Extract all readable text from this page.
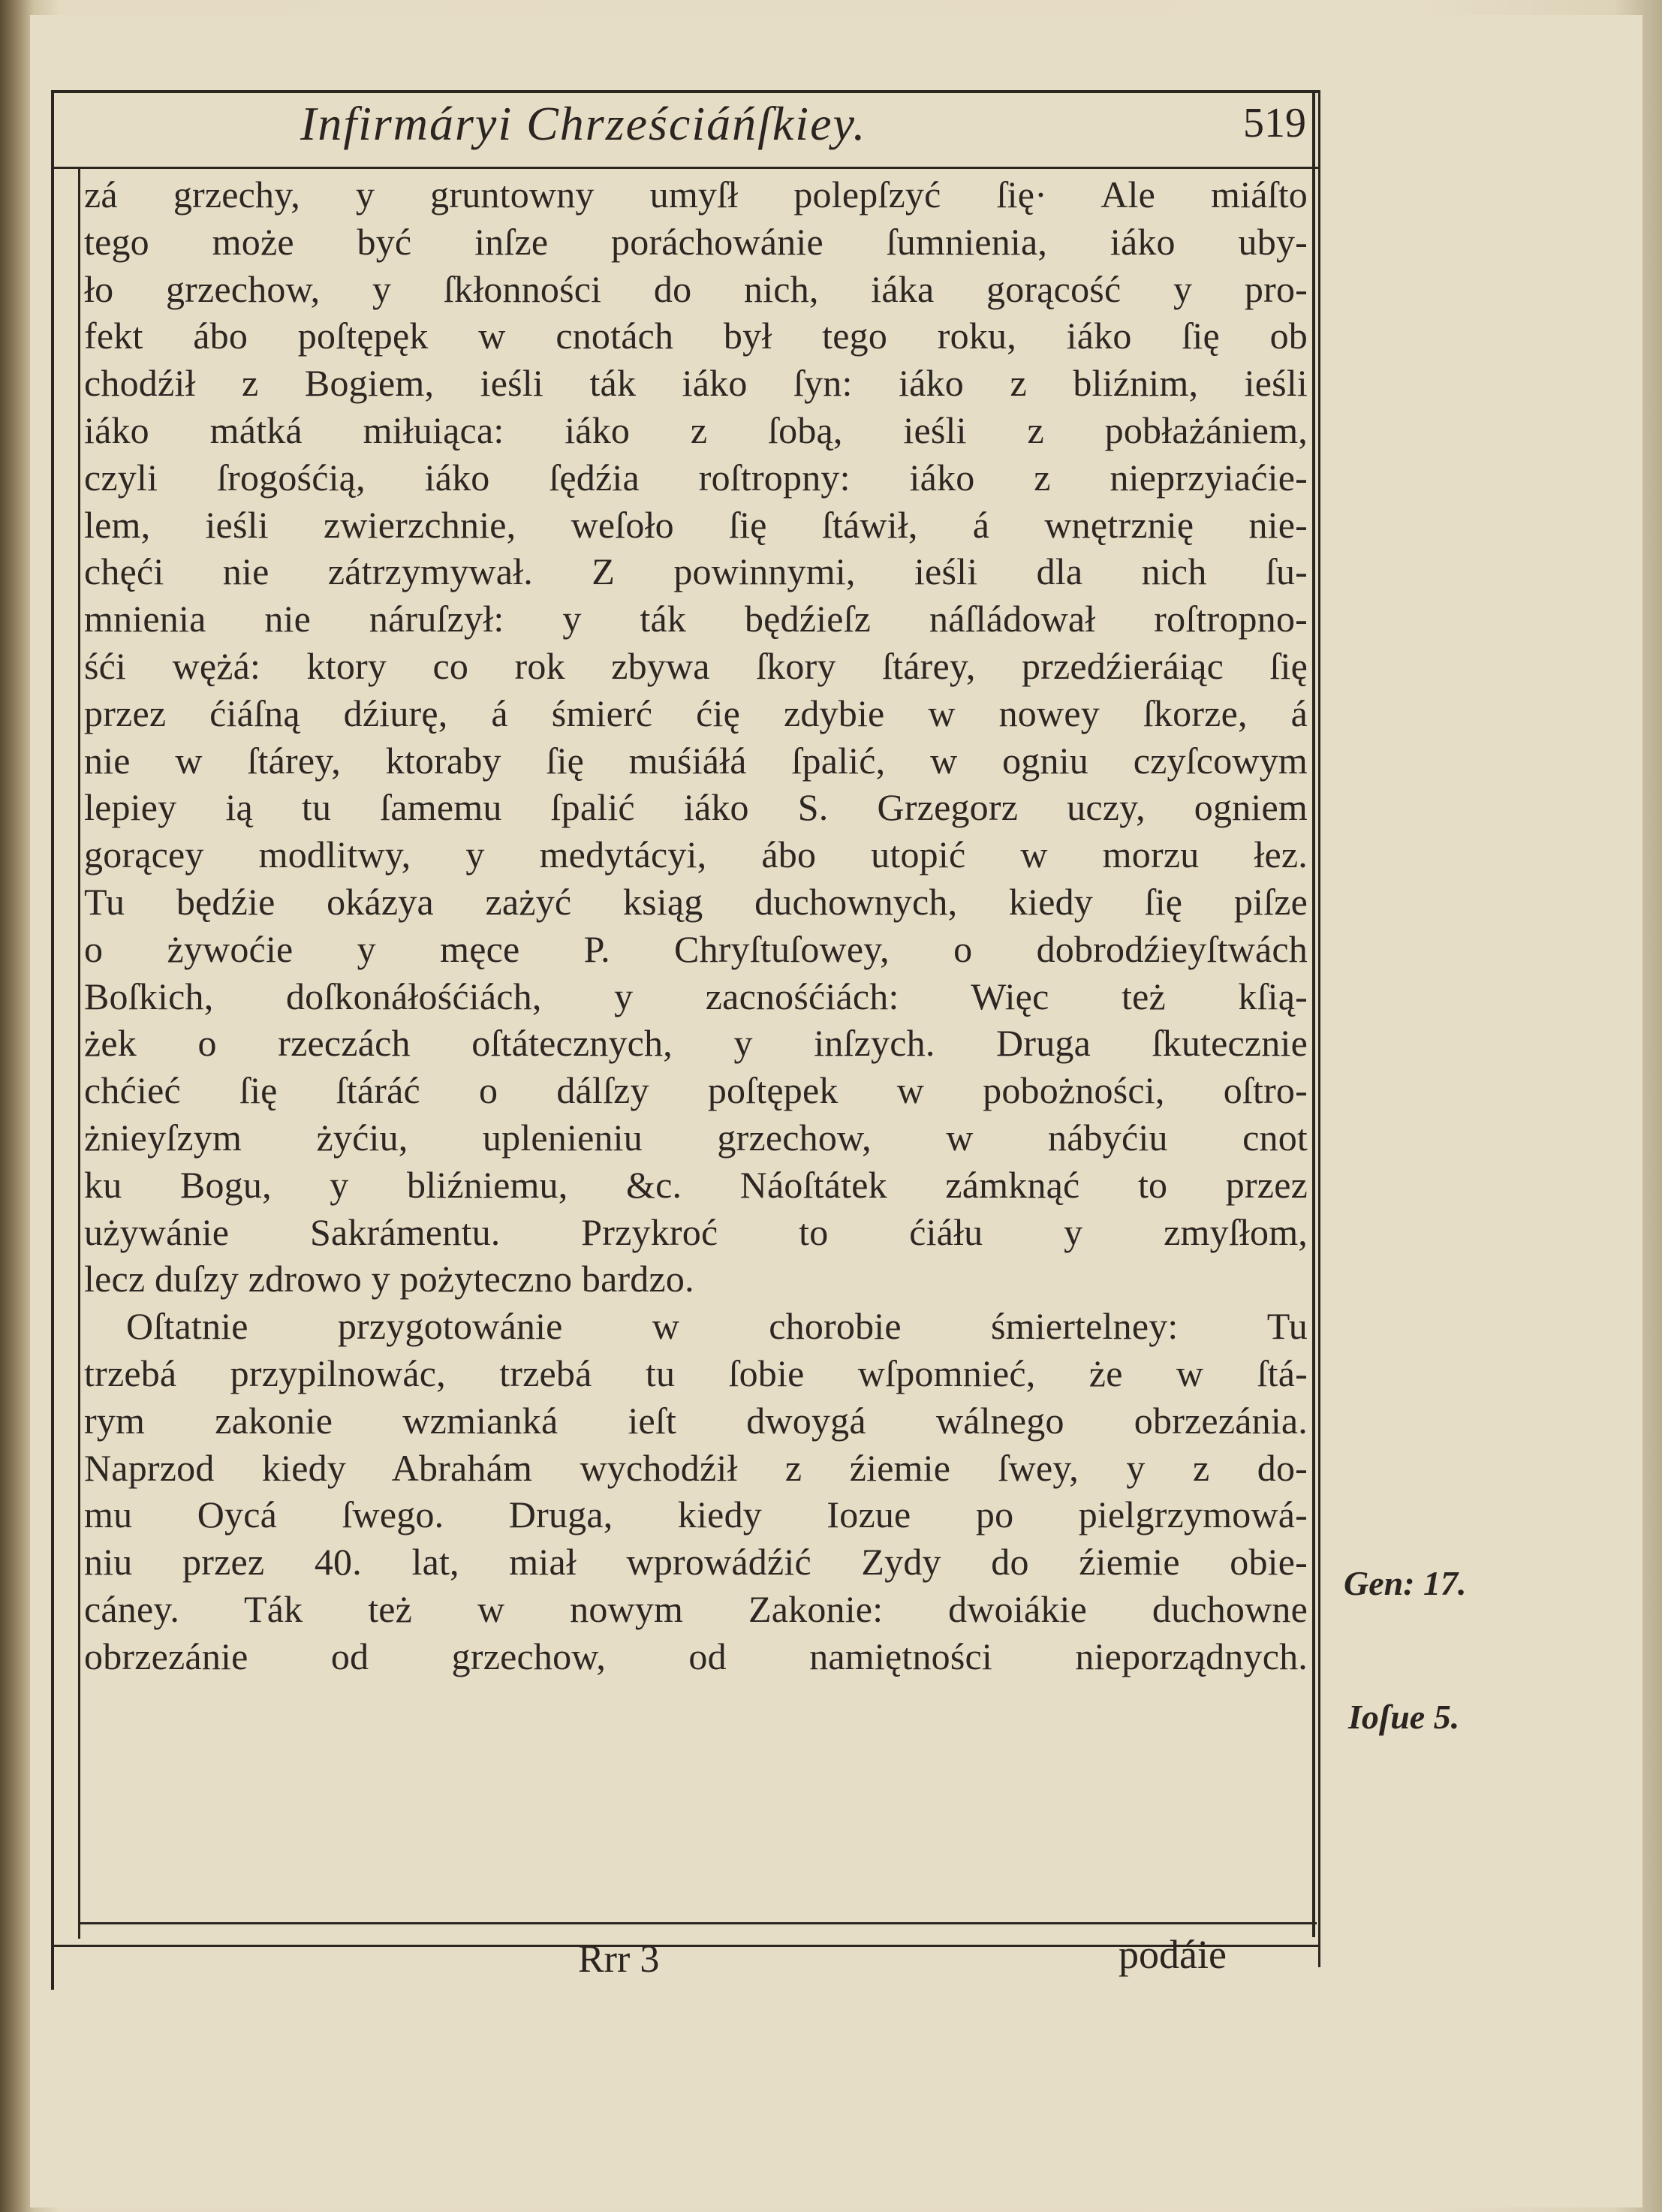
Infirmáryi Chrześciáńſkiey.	519
zá grzechy, y gruntowny umyſł polepſzyć ſię· Ale miáſto
tego może być inſze poráchowánie ſumnienia, iáko uby-
ło grzechow, y ſkłonności do nich, iáka gorącość y pro-
fekt ábo poſtępęk w cnotách był tego roku, iáko ſię ob
chodźił z Bogiem, ieśli ták iáko ſyn: iáko z bliźnim, ieśli
iáko mátká miłuiąca: iáko z ſobą, ieśli z pobłażániem,
czyli ſrogośćią, iáko ſędźia roſtropny: iáko z nieprzyiaćie-
lem, ieśli zwierzchnie, weſoło ſię ſtáwił, á wnętrznię nie-
chęći nie zátrzymywał. Z powinnymi, ieśli dla nich ſu-
mnienia nie náruſzył: y ták będźieſz náſládował roſtropno-
śći wężá: ktory co rok zbywa ſkory ſtárey, przedźieráiąc ſię
przez ćiáſną dźiurę, á śmierć ćię zdybie w nowey ſkorze, á
nie w ſtárey, ktoraby ſię muśiáłá ſpalić, w ogniu czyſcowym
lepiey ią tu ſamemu ſpalić iáko S. Grzegorz uczy, ogniem
gorącey modlitwy, y medytácyi, ábo utopić w morzu łez.
Tu będźie okázya zażyć ksiąg duchownych, kiedy ſię piſze
o żywoćie y męce P. Chryſtuſowey, o dobrodźieyſtwách
Boſkich, doſkonáłośćiách, y zacnośćiách: Więc też kſią-
żek o rzeczách oſtátecznych, y inſzych. Druga ſkutecznie
chćieć ſię ſtáráć o dálſzy poſtępek w pobożności, oſtro-
żnieyſzym żyćiu, uplenieniu grzechow, w nábyćiu cnot
ku Bogu, y bliźniemu, &c. Náoſtátek zámknąć to przez
używánie Sakrámentu. Przykroć to ćiáłu y zmyſłom,
lecz duſzy zdrowo y pożyteczno bardzo.
Oſtatnie przygotowánie w chorobie śmiertelney: Tu
trzebá przypilnowác, trzebá tu ſobie wſpomnieć, że w ſtá-
rym zakonie wzmianká ieſt dwoygá wálnego obrzezánia.
Naprzod kiedy Abrahám wychodźił z źiemie ſwey, y z do-
mu Oycá ſwego. Druga, kiedy Iozue po pielgrzymowá-
niu przez 40. lat, miał wprowádźić Zydy do źiemie obie-
cáney. Ták też w nowym Zakonie: dwoiákie duchowne
obrzezánie od grzechow, od namiętności nieporządnych.
Gen: 17.
Ioſue 5.
Rrr 3	podáie
